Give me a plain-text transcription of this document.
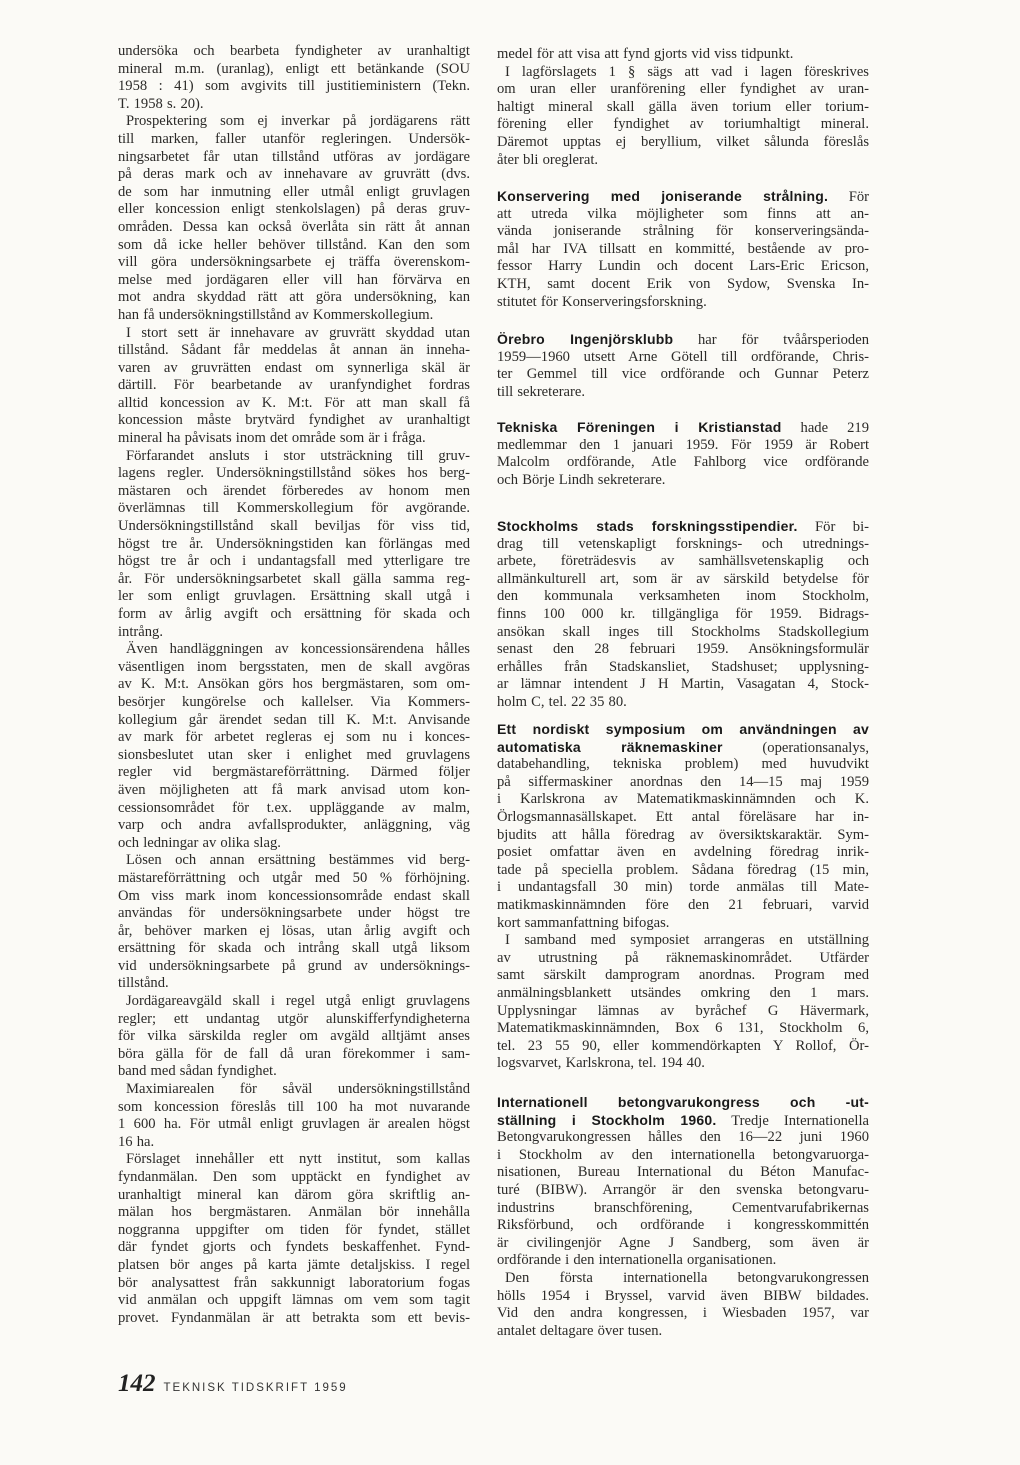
undersöka och bearbeta fyndigheter av uranhaltigt
mineral m.m. (uranlag), enligt ett betänkande (SOU
1958 : 41) som avgivits till justitieministern (Tekn.
T. 1958 s. 20).
Prospektering som ej inverkar på jordägarens rätt
till marken, faller utanför regleringen. Undersök-
ningsarbetet får utan tillstånd utföras av jordägare
på deras mark och av innehavare av gruvrätt (dvs.
de som har inmutning eller utmål enligt gruvlagen
eller koncession enligt stenkolslagen) på deras gruv-
områden. Dessa kan också överlåta sin rätt åt annan
som då icke heller behöver tillstånd. Kan den som
vill göra undersökningsarbete ej träffa överenskom-
melse med jordägaren eller vill han förvärva en
mot andra skyddad rätt att göra undersökning, kan
han få undersökningstillstånd av Kommerskollegium.
I stort sett är innehavare av gruvrätt skyddad utan
tillstånd. Sådant får meddelas åt annan än inneha-
varen av gruvrätten endast om synnerliga skäl är
därtill. För bearbetande av uranfyndighet fordras
alltid koncession av K. M:t. För att man skall få
koncession måste brytvärd fyndighet av uranhaltigt
mineral ha påvisats inom det område som är i fråga.
Förfarandet ansluts i stor utsträckning till gruv-
lagens regler. Undersökningstillstånd sökes hos berg-
mästaren och ärendet förberedes av honom men
överlämnas till Kommerskollegium för avgörande.
Undersökningstillstånd skall beviljas för viss tid,
högst tre år. Undersökningstiden kan förlängas med
högst tre år och i undantagsfall med ytterligare tre
år. För undersökningsarbetet skall gälla samma reg-
ler som enligt gruvlagen. Ersättning skall utgå i
form av årlig avgift och ersättning för skada och
intrång.
Även handläggningen av koncessionsärendena hålles
väsentligen inom bergsstaten, men de skall avgöras
av K. M:t. Ansökan görs hos bergmästaren, som om-
besörjer kungörelse och kallelser. Via Kommers-
kollegium går ärendet sedan till K. M:t. Anvisande
av mark för arbetet regleras ej som nu i konces-
sionsbeslutet utan sker i enlighet med gruvlagens
regler vid bergmästareförrättning. Därmed följer
även möjligheten att få mark anvisad utom kon-
cessionsområdet för t.ex. uppläggande av malm,
varp och andra avfallsprodukter, anläggning, väg
och ledningar av olika slag.
Lösen och annan ersättning bestämmes vid berg-
mästareförrättning och utgår med 50 % förhöjning.
Om viss mark inom koncessionsområde endast skall
användas för undersökningsarbete under högst tre
år, behöver marken ej lösas, utan årlig avgift och
ersättning för skada och intrång skall utgå liksom
vid undersökningsarbete på grund av undersöknings-
tillstånd.
Jordägareavgäld skall i regel utgå enligt gruvlagens
regler; ett undantag utgör alunskifferfyndigheterna
för vilka särskilda regler om avgäld alltjämt anses
böra gälla för de fall då uran förekommer i sam-
band med sådan fyndighet.
Maximiarealen för såväl undersökningstillstånd
som koncession föreslås till 100 ha mot nuvarande
1 600 ha. För utmål enligt gruvlagen är arealen högst
16 ha.
Förslaget innehåller ett nytt institut, som kallas
fyndanmälan. Den som upptäckt en fyndighet av
uranhaltigt mineral kan därom göra skriftlig an-
mälan hos bergmästaren. Anmälan bör innehålla
noggranna uppgifter om tiden för fyndet, stället
där fyndet gjorts och fyndets beskaffenhet. Fynd-
platsen bör anges på karta jämte detaljskiss. I regel
bör analysattest från sakkunnigt laboratorium fogas
vid anmälan och uppgift lämnas om vem som tagit
provet. Fyndanmälan är att betrakta som ett bevis-
medel för att visa att fynd gjorts vid viss tidpunkt.
I lagförslagets 1 § sägs att vad i lagen föreskrives
om uran eller uranförening eller fyndighet av uran-
haltigt mineral skall gälla även torium eller torium-
förening eller fyndighet av toriumhaltigt mineral.
Däremot upptas ej beryllium, vilket sålunda föreslås
åter bli oreglerat.
Konservering med joniserande strålning. För
att utreda vilka möjligheter som finns att an-
vända joniserande strålning för konserveringsända-
mål har IVA tillsatt en kommitté, bestående av pro-
fessor Harry Lundin och docent Lars-Eric Ericson,
KTH, samt docent Erik von Sydow, Svenska In-
stitutet för Konserveringsforskning.
Örebro Ingenjörsklubb har för tvåårsperioden
1959—1960 utsett Arne Götell till ordförande, Chris-
ter Gemmel till vice ordförande och Gunnar Peterz
till sekreterare.
Tekniska Föreningen i Kristianstad hade 219
medlemmar den 1 januari 1959. För 1959 är Robert
Malcolm ordförande, Atle Fahlborg vice ordförande
och Börje Lindh sekreterare.
Stockholms stads forskningsstipendier. För bi-
drag till vetenskapligt forsknings- och utrednings-
arbete, företrädesvis av samhällsvetenskaplig och
allmänkulturell art, som är av särskild betydelse för
den kommunala verksamheten inom Stockholm,
finns 100 000 kr. tillgängliga för 1959. Bidrags-
ansökan skall inges till Stockholms Stadskollegium
senast den 28 februari 1959. Ansökningsformulär
erhålles från Stadskansliet, Stadshuset; upplysning-
ar lämnar intendent J H Martin, Vasagatan 4, Stock-
holm C, tel. 22 35 80.
Ett nordiskt symposium om användningen av
automatiska räknemaskiner (operationsanalys,
databehandling, tekniska problem) med huvudvikt
på siffermaskiner anordnas den 14—15 maj 1959
i Karlskrona av Matematikmaskinnämnden och K.
Örlogsmannasällskapet. Ett antal föreläsare har in-
bjudits att hålla föredrag av översiktskaraktär. Sym-
posiet omfattar även en avdelning föredrag inrik-
tade på speciella problem. Sådana föredrag (15 min,
i undantagsfall 30 min) torde anmälas till Mate-
matikmaskinnämnden före den 21 februari, varvid
kort sammanfattning bifogas.
I samband med symposiet arrangeras en utställning
av utrustning på räknemaskinområdet. Utfärder
samt särskilt damprogram anordnas. Program med
anmälningsblankett utsändes omkring den 1 mars.
Upplysningar lämnas av byråchef G Hävermark,
Matematikmaskinnämnden, Box 6 131, Stockholm 6,
tel. 23 55 90, eller kommendörkapten Y Rollof, Ör-
logsvarvet, Karlskrona, tel. 194 40.
Internationell betongvarukongress och -ut-
ställning i Stockholm 1960. Tredje Internationella
Betongvarukongressen hålles den 16—22 juni 1960
i Stockholm av den internationella betongvaruorga-
nisationen, Bureau International du Béton Manufac-
turé (BIBW). Arrangör är den svenska betongvaru-
industrins branschförening, Cementvarufabrikernas
Riksförbund, och ordförande i kongresskommittén
är civilingenjör Agne J Sandberg, som även är
ordförande i den internationella organisationen.
Den första internationella betongvarukongressen
hölls 1954 i Bryssel, varvid även BIBW bildades.
Vid den andra kongressen, i Wiesbaden 1957, var
antalet deltagare över tusen.
142 TEKNISK TIDSKRIFT 1959
